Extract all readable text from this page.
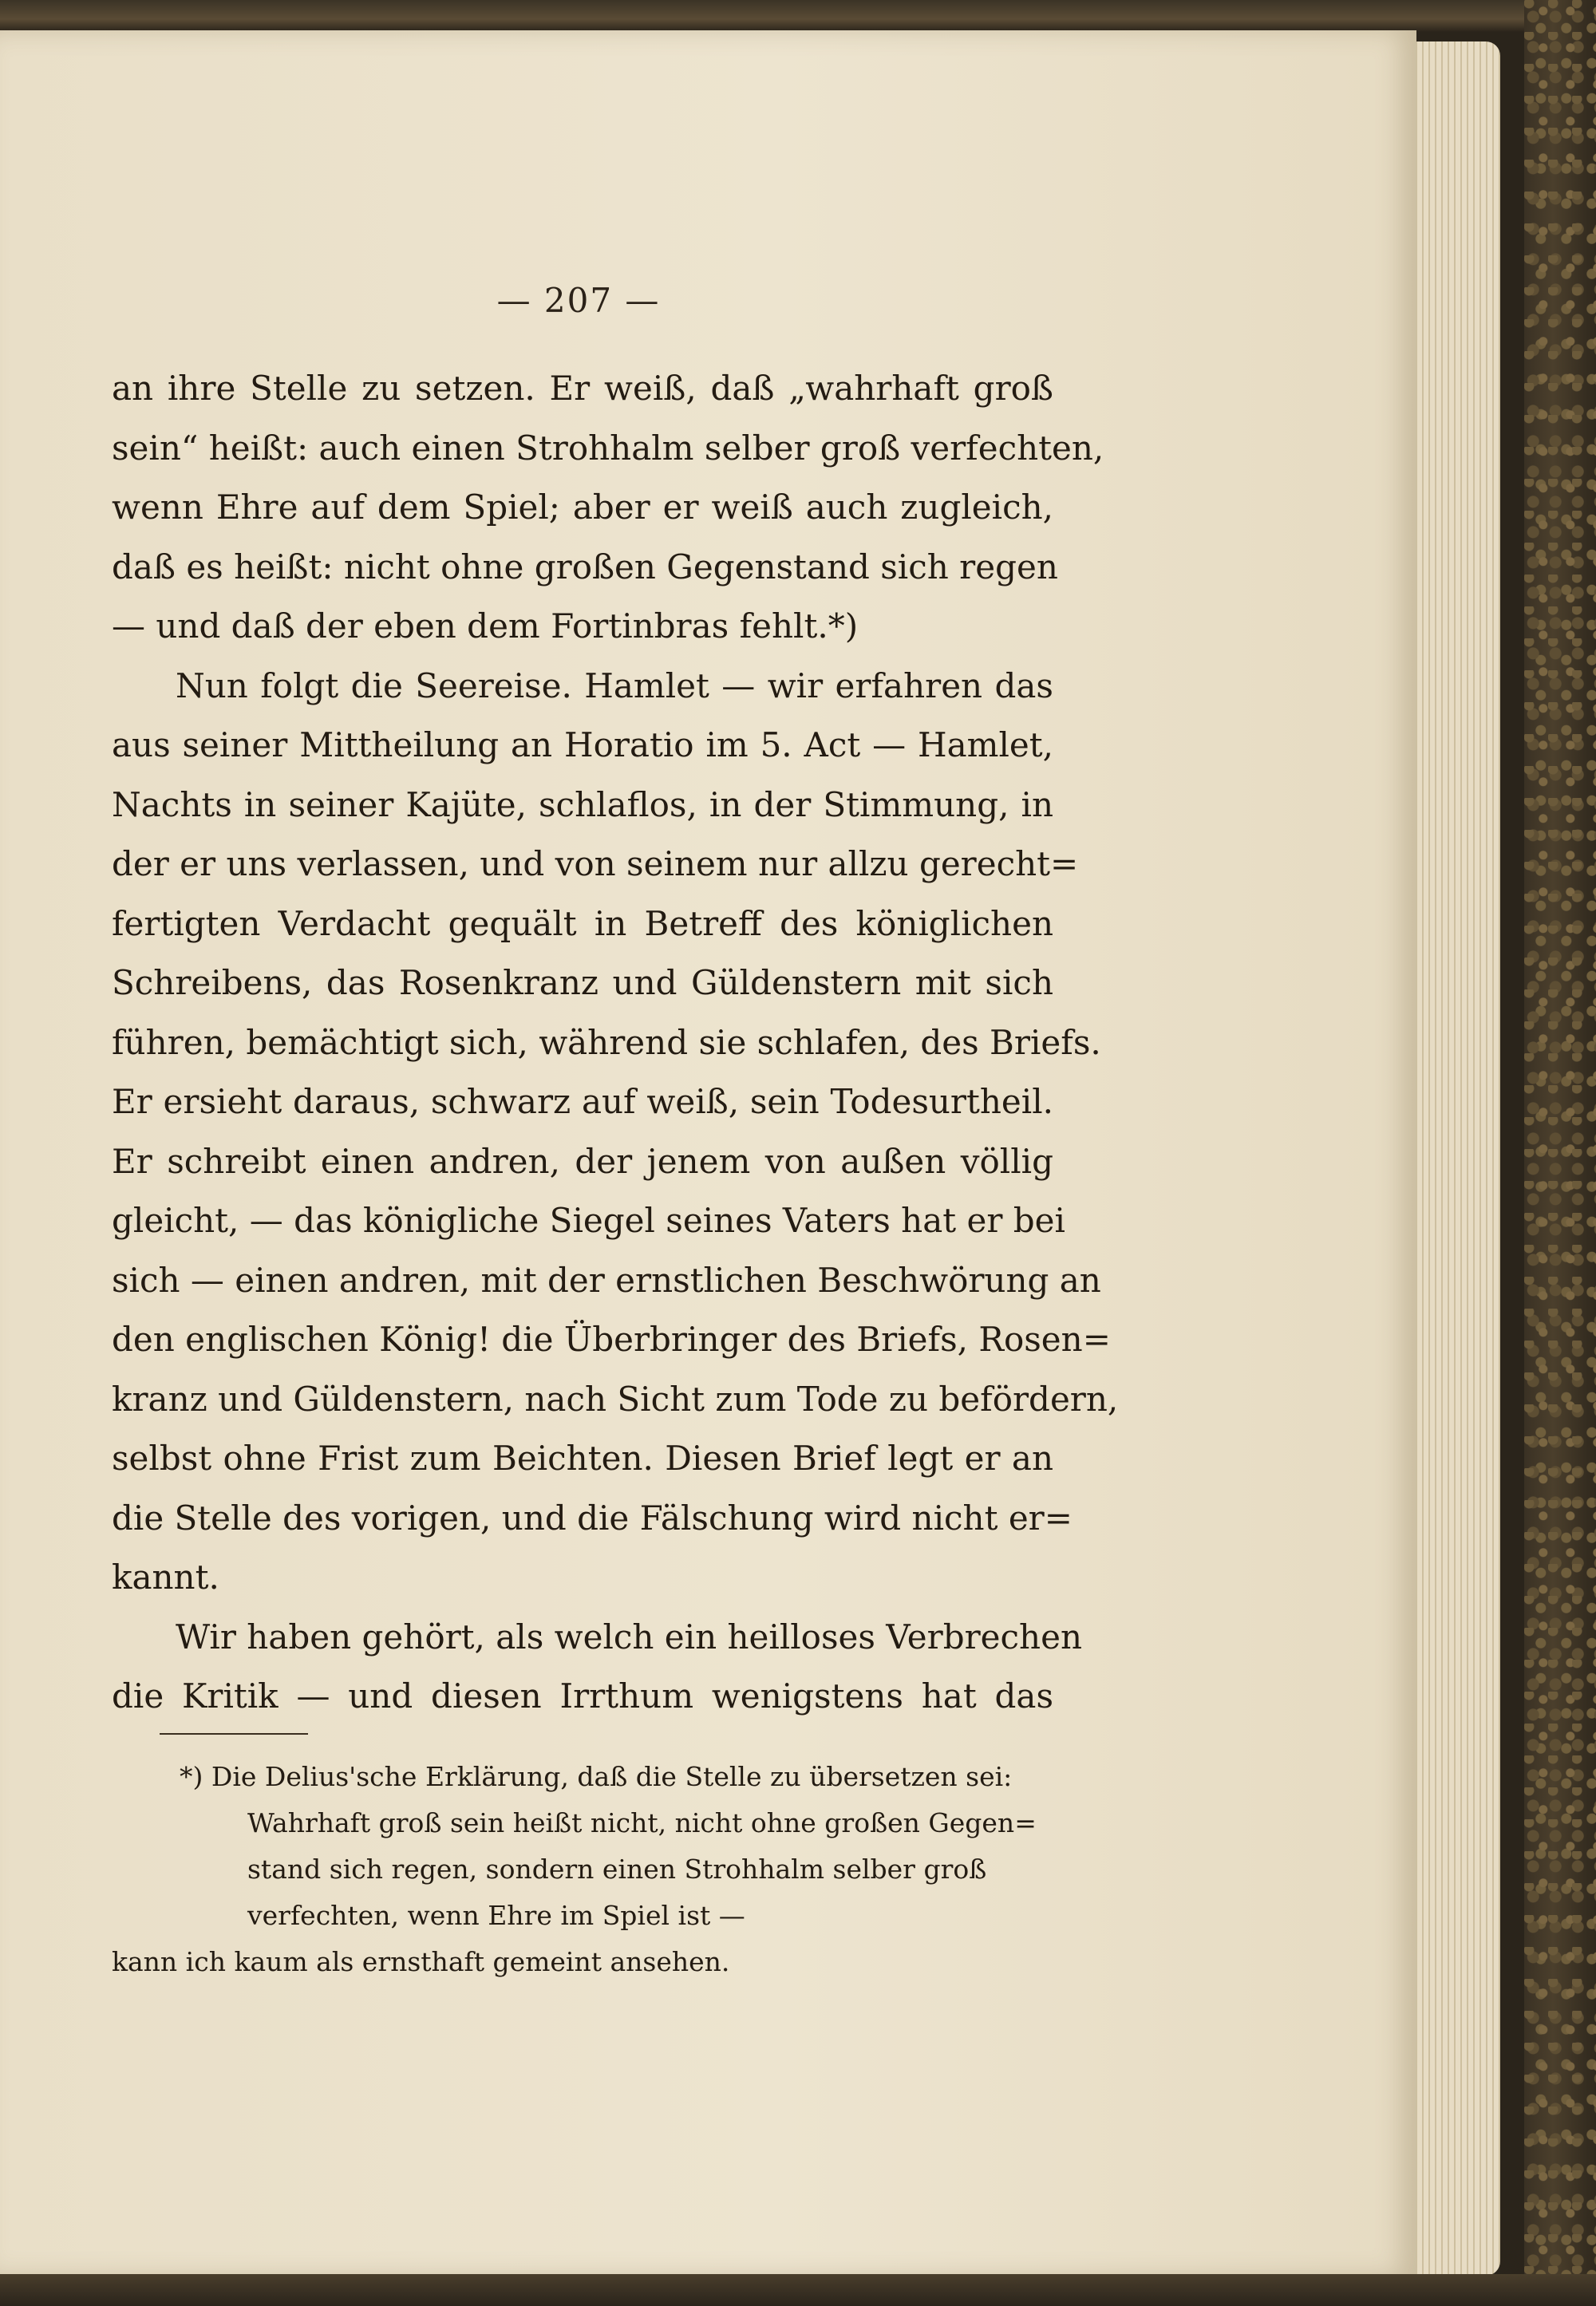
— 207 —
an ihre Stelle zu setzen. Er weiß, daß „wahrhaft groß
sein“ heißt: auch einen Strohhalm selber groß verfechten,
wenn Ehre auf dem Spiel; aber er weiß auch zugleich,
daß es heißt: nicht ohne großen Gegenstand sich regen
— und daß der eben dem Fortinbras fehlt.*)
Nun folgt die Seereise. Hamlet — wir erfahren das
aus seiner Mittheilung an Horatio im 5. Act — Hamlet,
Nachts in seiner Kajüte, schlaflos, in der Stimmung, in
der er uns verlassen, und von seinem nur allzu gerecht=
fertigten Verdacht gequält in Betreff des königlichen
Schreibens, das Rosenkranz und Güldenstern mit sich
führen, bemächtigt sich, während sie schlafen, des Briefs.
Er ersieht daraus, schwarz auf weiß, sein Todesurtheil.
Er schreibt einen andren, der jenem von außen völlig
gleicht, — das königliche Siegel seines Vaters hat er bei
sich — einen andren, mit der ernstlichen Beschwörung an
den englischen König! die Überbringer des Briefs, Rosen=
kranz und Güldenstern, nach Sicht zum Tode zu befördern,
selbst ohne Frist zum Beichten. Diesen Brief legt er an
die Stelle des vorigen, und die Fälschung wird nicht er=
kannt.
Wir haben gehört, als welch ein heilloses Verbrechen
die Kritik — und diesen Irrthum wenigstens hat das
*) Die Delius'sche Erklärung, daß die Stelle zu übersetzen sei:
Wahrhaft groß sein heißt nicht, nicht ohne großen Gegen=
stand sich regen, sondern einen Strohhalm selber groß
verfechten, wenn Ehre im Spiel ist —
kann ich kaum als ernsthaft gemeint ansehen.
